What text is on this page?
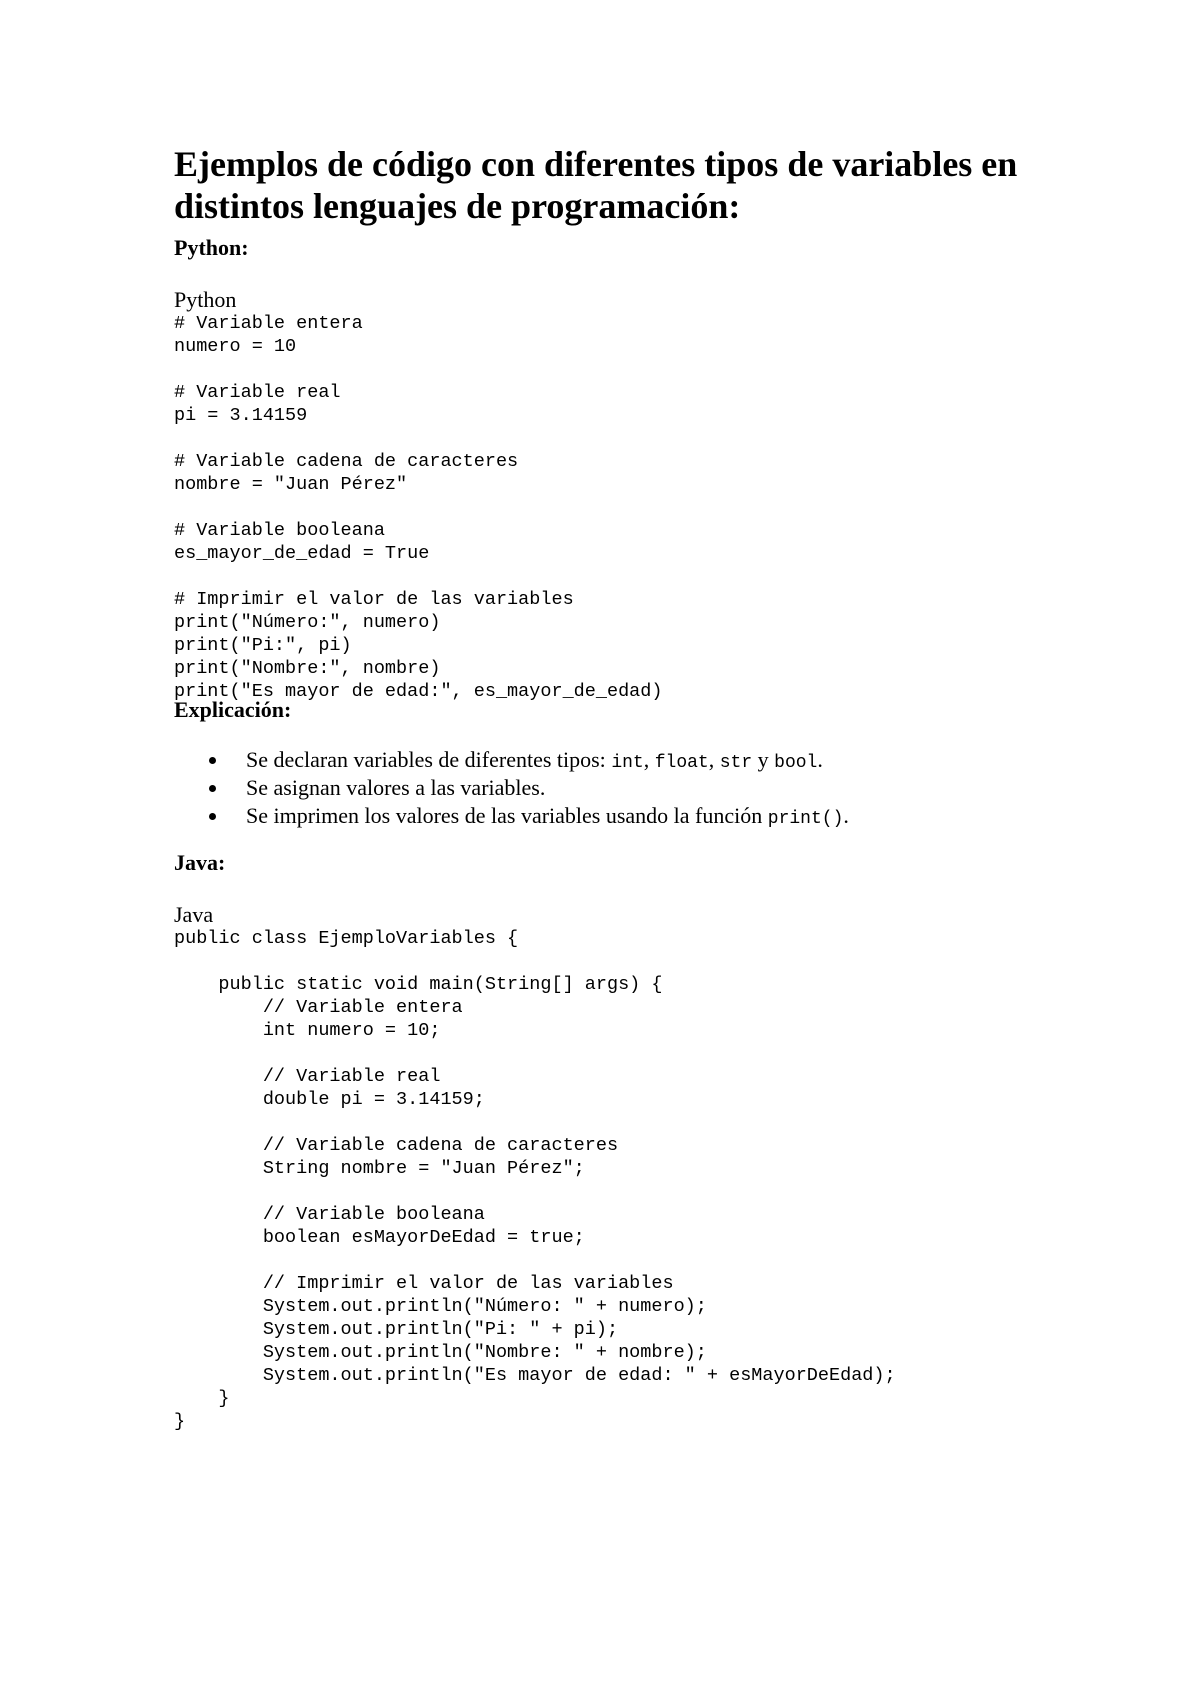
Ejemplos de código con diferentes tipos de variables en distintos lenguajes de programación:
Python:
Python
# Variable entera
numero = 10
# Variable real
pi = 3.14159
# Variable cadena de caracteres
nombre = "Juan Pérez"
# Variable booleana
es_mayor_de_edad = True
# Imprimir el valor de las variables
print("Número:", numero)
print("Pi:", pi)
print("Nombre:", nombre)
print("Es mayor de edad:", es_mayor_de_edad)
Explicación:
Se declaran variables de diferentes tipos: int, float, str y bool.
Se asignan valores a las variables.
Se imprimen los valores de las variables usando la función print().
Java:
Java
public class EjemploVariables {
public static void main(String[] args) {
// Variable entera
int numero = 10;
// Variable real
double pi = 3.14159;
// Variable cadena de caracteres
String nombre = "Juan Pérez";
// Variable booleana
boolean esMayorDeEdad = true;
// Imprimir el valor de las variables
System.out.println("Número: " + numero);
System.out.println("Pi: " + pi);
System.out.println("Nombre: " + nombre);
System.out.println("Es mayor de edad: " + esMayorDeEdad);
}
}
